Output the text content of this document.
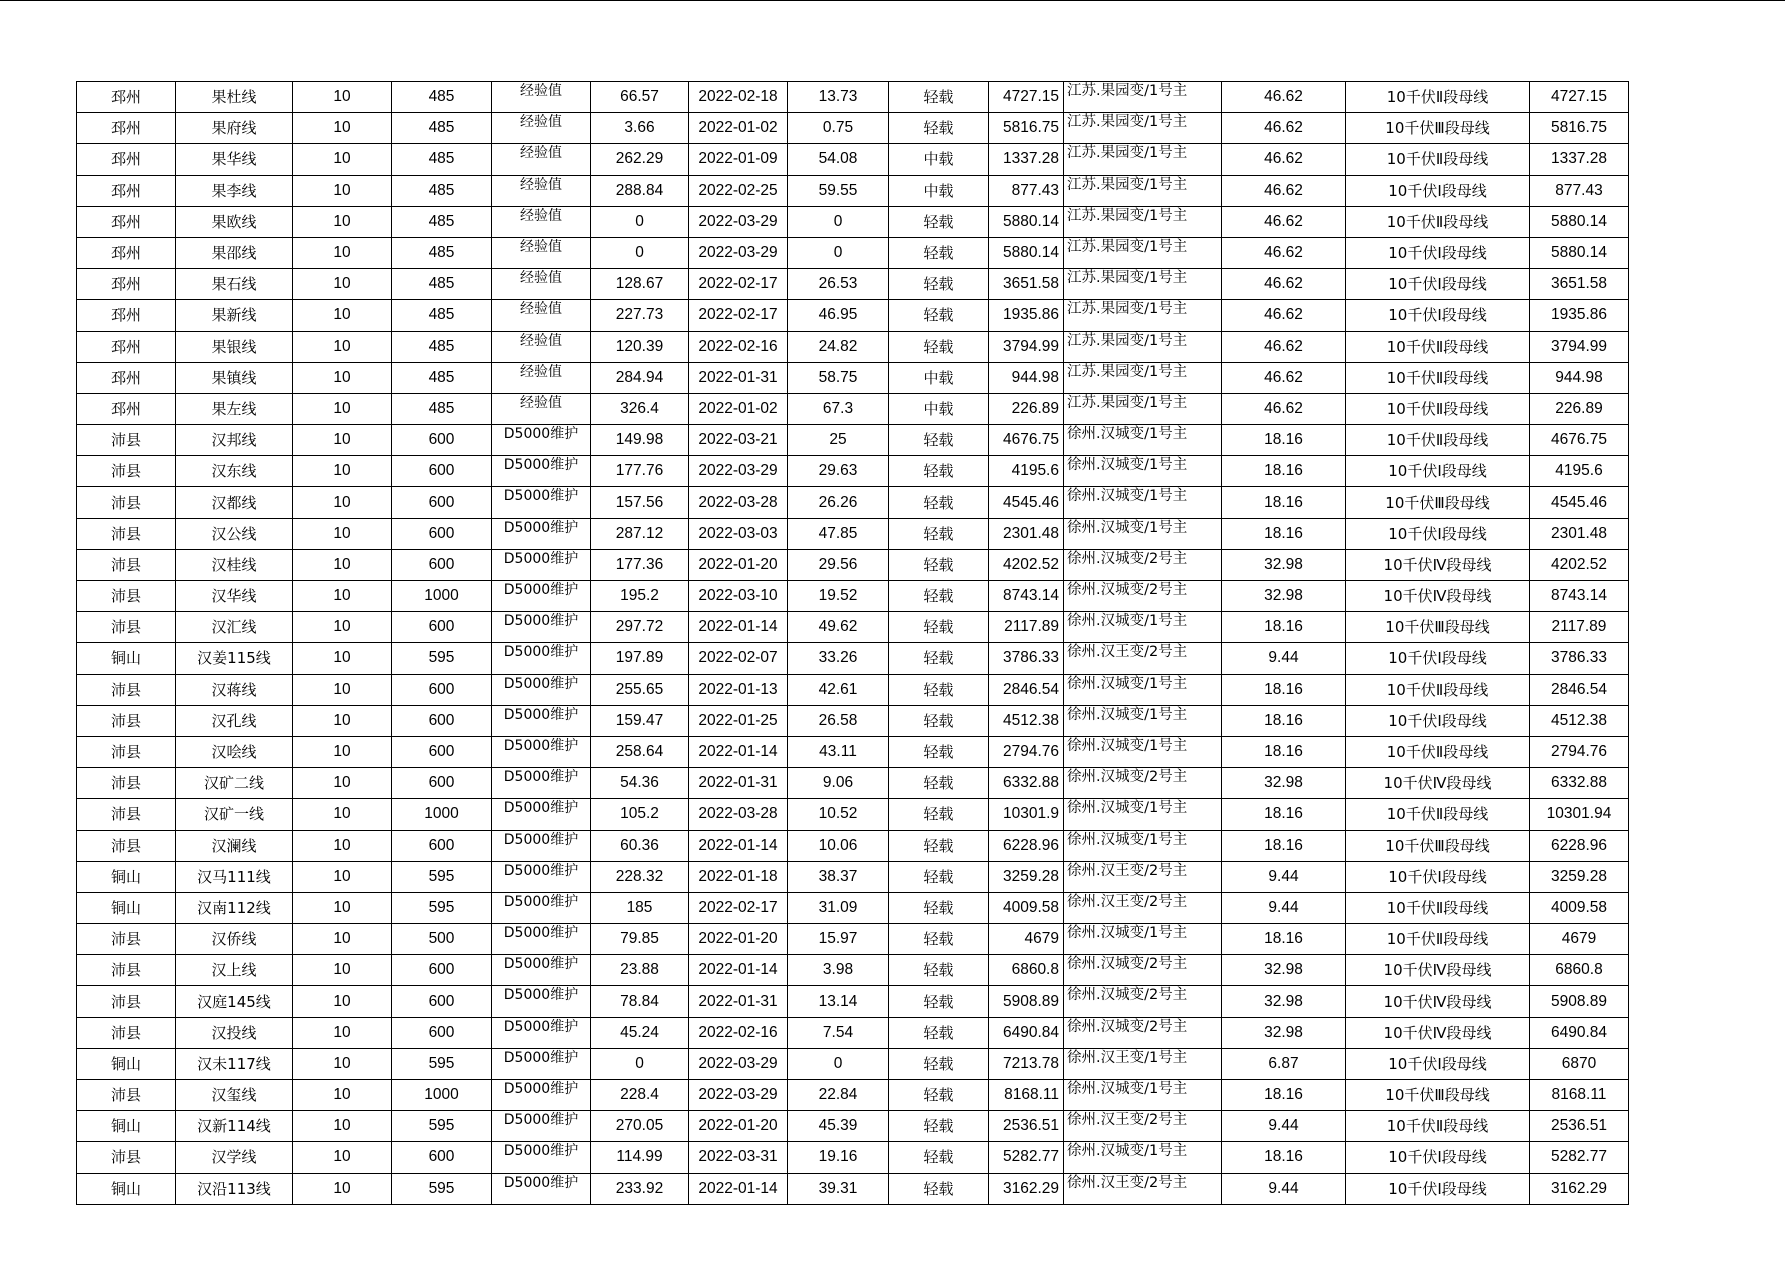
邳州	果杜线	10	485	经验值	66.57	2022-02-18	13.73	轻载	4727.15	江苏.果园变/1号主	46.62	10千伏Ⅱ段母线	4727.15
邳州	果府线	10	485	经验值	3.66	2022-01-02	0.75	轻载	5816.75	江苏.果园变/1号主	46.62	10千伏Ⅲ段母线	5816.75
邳州	果华线	10	485	经验值	262.29	2022-01-09	54.08	中载	1337.28	江苏.果园变/1号主	46.62	10千伏Ⅱ段母线	1337.28
邳州	果李线	10	485	经验值	288.84	2022-02-25	59.55	中载	877.43	江苏.果园变/1号主	46.62	10千伏Ⅰ段母线	877.43
邳州	果欧线	10	485	经验值	0	2022-03-29	0	轻载	5880.14	江苏.果园变/1号主	46.62	10千伏Ⅱ段母线	5880.14
邳州	果邵线	10	485	经验值	0	2022-03-29	0	轻载	5880.14	江苏.果园变/1号主	46.62	10千伏Ⅰ段母线	5880.14
邳州	果石线	10	485	经验值	128.67	2022-02-17	26.53	轻载	3651.58	江苏.果园变/1号主	46.62	10千伏Ⅰ段母线	3651.58
邳州	果新线	10	485	经验值	227.73	2022-02-17	46.95	轻载	1935.86	江苏.果园变/1号主	46.62	10千伏Ⅰ段母线	1935.86
邳州	果银线	10	485	经验值	120.39	2022-02-16	24.82	轻载	3794.99	江苏.果园变/1号主	46.62	10千伏Ⅱ段母线	3794.99
邳州	果镇线	10	485	经验值	284.94	2022-01-31	58.75	中载	944.98	江苏.果园变/1号主	46.62	10千伏Ⅱ段母线	944.98
邳州	果左线	10	485	经验值	326.4	2022-01-02	67.3	中载	226.89	江苏.果园变/1号主	46.62	10千伏Ⅱ段母线	226.89
沛县	汉邦线	10	600	D5000维护	149.98	2022-03-21	25	轻载	4676.75	徐州.汉城变/1号主	18.16	10千伏Ⅱ段母线	4676.75
沛县	汉东线	10	600	D5000维护	177.76	2022-03-29	29.63	轻载	4195.6	徐州.汉城变/1号主	18.16	10千伏Ⅰ段母线	4195.6
沛县	汉都线	10	600	D5000维护	157.56	2022-03-28	26.26	轻载	4545.46	徐州.汉城变/1号主	18.16	10千伏Ⅲ段母线	4545.46
沛县	汉公线	10	600	D5000维护	287.12	2022-03-03	47.85	轻载	2301.48	徐州.汉城变/1号主	18.16	10千伏Ⅰ段母线	2301.48
沛县	汉桂线	10	600	D5000维护	177.36	2022-01-20	29.56	轻载	4202.52	徐州.汉城变/2号主	32.98	10千伏Ⅳ段母线	4202.52
沛县	汉华线	10	1000	D5000维护	195.2	2022-03-10	19.52	轻载	8743.14	徐州.汉城变/2号主	32.98	10千伏Ⅳ段母线	8743.14
沛县	汉汇线	10	600	D5000维护	297.72	2022-01-14	49.62	轻载	2117.89	徐州.汉城变/1号主	18.16	10千伏Ⅲ段母线	2117.89
铜山	汉姜115线	10	595	D5000维护	197.89	2022-02-07	33.26	轻载	3786.33	徐州.汉王变/2号主	9.44	10千伏Ⅰ段母线	3786.33
沛县	汉蒋线	10	600	D5000维护	255.65	2022-01-13	42.61	轻载	2846.54	徐州.汉城变/1号主	18.16	10千伏Ⅱ段母线	2846.54
沛县	汉孔线	10	600	D5000维护	159.47	2022-01-25	26.58	轻载	4512.38	徐州.汉城变/1号主	18.16	10千伏Ⅰ段母线	4512.38
沛县	汉哙线	10	600	D5000维护	258.64	2022-01-14	43.11	轻载	2794.76	徐州.汉城变/1号主	18.16	10千伏Ⅱ段母线	2794.76
沛县	汉矿二线	10	600	D5000维护	54.36	2022-01-31	9.06	轻载	6332.88	徐州.汉城变/2号主	32.98	10千伏Ⅳ段母线	6332.88
沛县	汉矿一线	10	1000	D5000维护	105.2	2022-03-28	10.52	轻载	10301.9	徐州.汉城变/1号主	18.16	10千伏Ⅱ段母线	10301.94
沛县	汉澜线	10	600	D5000维护	60.36	2022-01-14	10.06	轻载	6228.96	徐州.汉城变/1号主	18.16	10千伏Ⅲ段母线	6228.96
铜山	汉马111线	10	595	D5000维护	228.32	2022-01-18	38.37	轻载	3259.28	徐州.汉王变/2号主	9.44	10千伏Ⅰ段母线	3259.28
铜山	汉南112线	10	595	D5000维护	185	2022-02-17	31.09	轻载	4009.58	徐州.汉王变/2号主	9.44	10千伏Ⅱ段母线	4009.58
沛县	汉侨线	10	500	D5000维护	79.85	2022-01-20	15.97	轻载	4679	徐州.汉城变/1号主	18.16	10千伏Ⅱ段母线	4679
沛县	汉上线	10	600	D5000维护	23.88	2022-01-14	3.98	轻载	6860.8	徐州.汉城变/2号主	32.98	10千伏Ⅳ段母线	6860.8
沛县	汉庭145线	10	600	D5000维护	78.84	2022-01-31	13.14	轻载	5908.89	徐州.汉城变/2号主	32.98	10千伏Ⅳ段母线	5908.89
沛县	汉投线	10	600	D5000维护	45.24	2022-02-16	7.54	轻载	6490.84	徐州.汉城变/2号主	32.98	10千伏Ⅳ段母线	6490.84
铜山	汉未117线	10	595	D5000维护	0	2022-03-29	0	轻载	7213.78	徐州.汉王变/1号主	6.87	10千伏Ⅰ段母线	6870
沛县	汉玺线	10	1000	D5000维护	228.4	2022-03-29	22.84	轻载	8168.11	徐州.汉城变/1号主	18.16	10千伏Ⅲ段母线	8168.11
铜山	汉新114线	10	595	D5000维护	270.05	2022-01-20	45.39	轻载	2536.51	徐州.汉王变/2号主	9.44	10千伏Ⅱ段母线	2536.51
沛县	汉学线	10	600	D5000维护	114.99	2022-03-31	19.16	轻载	5282.77	徐州.汉城变/1号主	18.16	10千伏Ⅰ段母线	5282.77
铜山	汉沿113线	10	595	D5000维护	233.92	2022-01-14	39.31	轻载	3162.29	徐州.汉王变/2号主	9.44	10千伏Ⅰ段母线	3162.29
